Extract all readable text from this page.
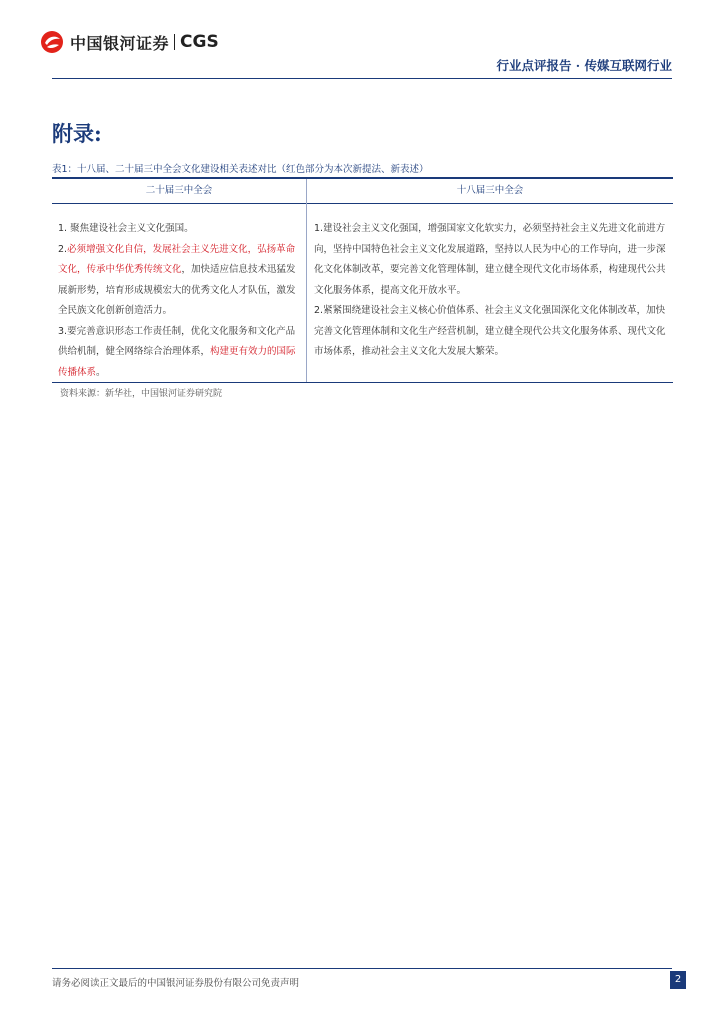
中国银河证券 CGS
行业点评报告 · 传媒互联网行业
附录:
表1：十八届、二十届三中全会文化建设相关表述对比（红色部分为本次新提法、新表述）
二十届三中全会	十八届三中全会
1. 聚焦建设社会主义文化强国。
2.必须增强文化自信，发展社会主义先进文化，弘扬革命文化，传承中华优秀传统文化，加快适应信息技术迅猛发展新形势，培育形成规模宏大的优秀文化人才队伍，激发全民族文化创新创造活力。
3.要完善意识形态工作责任制，优化文化服务和文化产品供给机制，健全网络综合治理体系，构建更有效力的国际传播体系。
1.建设社会主义文化强国，增强国家文化软实力，必须坚持社会主义先进文化前进方向，坚持中国特色社会主义文化发展道路，坚持以人民为中心的工作导向，进一步深化文化体制改革，要完善文化管理体制，建立健全现代文化市场体系，构建现代公共文化服务体系，提高文化开放水平。
2.紧紧围绕建设社会主义核心价值体系、社会主义文化强国深化文化体制改革，加快完善文化管理体制和文化生产经营机制，建立健全现代公共文化服务体系、现代文化市场体系，推动社会主义文化大发展大繁荣。
资料来源：新华社，中国银河证券研究院
请务必阅读正文最后的中国银河证券股份有限公司免责声明	2
